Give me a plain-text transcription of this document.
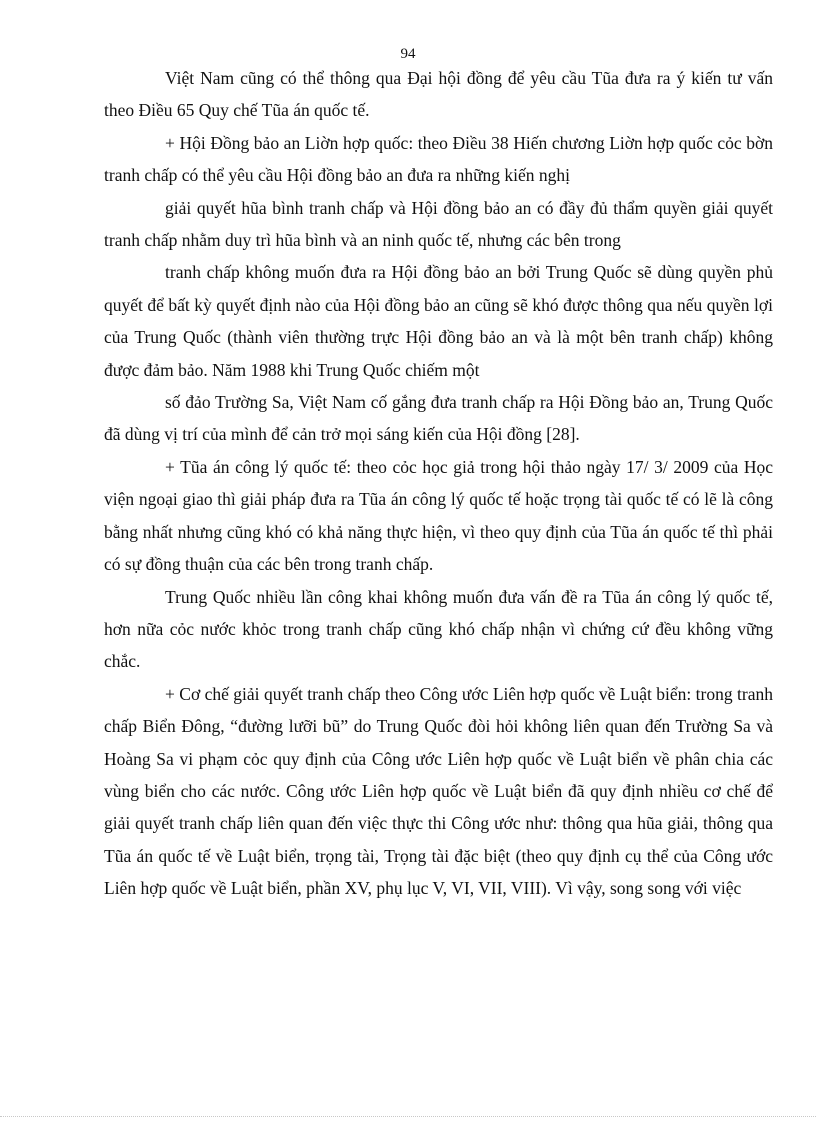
94

Việt Nam cũng có thể thông qua Đại hội đồng để yêu cầu Tũa đưa ra ý kiến tư vấn theo Điều 65 Quy chế Tũa án quốc tế.

+ Hội Đồng bảo an Liờn hợp quốc: theo Điều 38 Hiến chương Liờn hợp quốc cỏc bờn tranh chấp có thể yêu cầu Hội đồng bảo an đưa ra những kiến nghị

giải quyết hũa bình tranh chấp và Hội đồng bảo an có đầy đủ thẩm quyền giải quyết tranh chấp nhằm duy trì hũa bình và an ninh quốc tế, nhưng các bên trong

tranh chấp không muốn đưa ra Hội đồng bảo an bởi Trung Quốc sẽ dùng quyền phủ quyết để bất kỳ quyết định nào của Hội đồng bảo an cũng sẽ khó được thông qua nếu quyền lợi của Trung Quốc (thành viên thường trực Hội đồng bảo an và là một bên tranh chấp) không được đảm bảo. Năm 1988 khi Trung Quốc chiếm một

số đảo Trường Sa, Việt Nam cố gắng đưa tranh chấp ra Hội Đồng bảo an, Trung Quốc đã dùng vị trí của mình để cản trở mọi sáng kiến của Hội đồng [28].

+ Tũa án công lý quốc tế: theo cỏc học giả trong hội thảo ngày 17/ 3/ 2009 của Học viện ngoại giao thì giải pháp đưa ra Tũa án công lý quốc tế hoặc trọng tài quốc tế có lẽ là công bằng nhất nhưng cũng khó có khả năng thực hiện, vì theo quy định của Tũa án quốc tế thì phải có sự đồng thuận của các bên trong tranh chấp.

Trung Quốc nhiều lần công khai không muốn đưa vấn đề ra Tũa án công lý quốc tế, hơn nữa cỏc nước khỏc trong tranh chấp cũng khó chấp nhận vì chứng cứ đều không vững chắc.

+ Cơ chế giải quyết tranh chấp theo Công ước Liên hợp quốc về Luật biển: trong tranh chấp Biển Đông, “đường lưỡi bũ” do Trung Quốc đòi hỏi không liên quan đến Trường Sa và Hoàng Sa vi phạm cỏc quy định của Công ước Liên hợp quốc về Luật biển về phân chia các vùng biển cho các nước. Công ước Liên hợp quốc về Luật biển đã quy định nhiều cơ chế để giải quyết tranh chấp liên quan đến việc thực thi Công ước như: thông qua hũa giải, thông qua Tũa án quốc tế về Luật biển, trọng tài, Trọng tài đặc biệt (theo quy định cụ thể của Công ước Liên hợp quốc về Luật biển, phần XV, phụ lục V, VI, VII, VIII). Vì vậy, song song với việc
